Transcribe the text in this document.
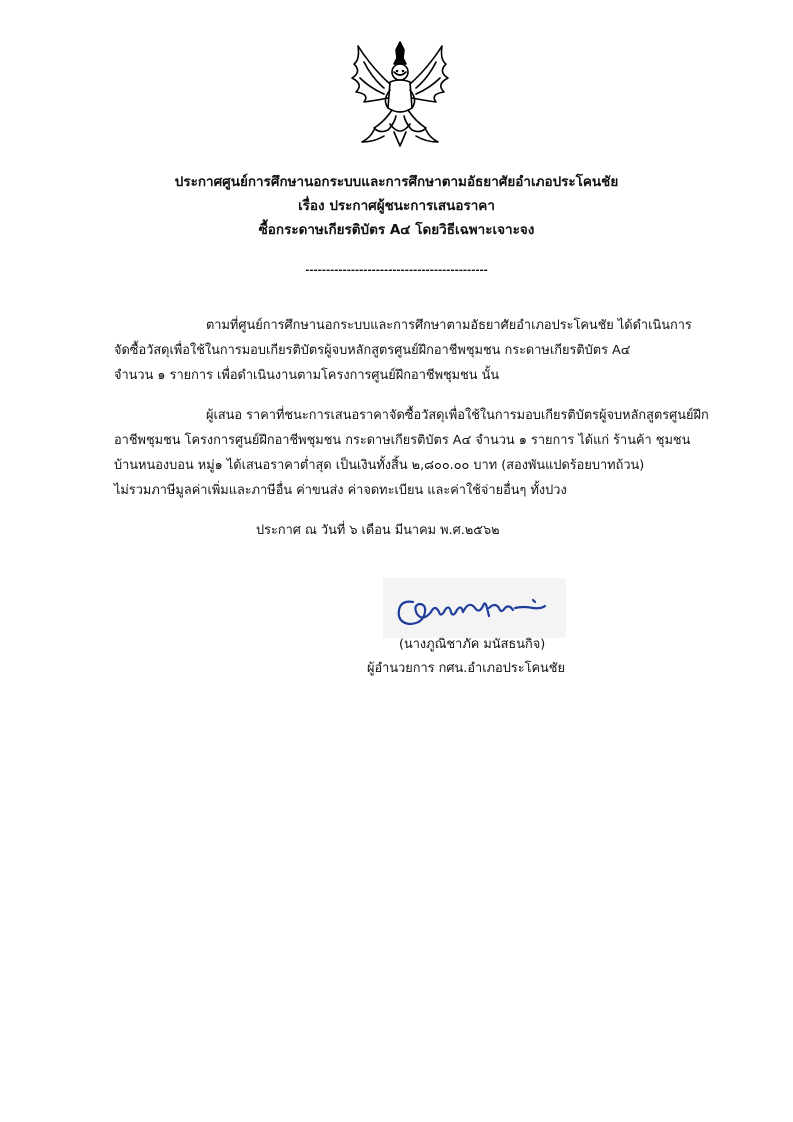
ประกาศศูนย์การศึกษานอกระบบและการศึกษาตามอัธยาศัยอำเภอประโคนชัย
เรื่อง ประกาศผู้ชนะการเสนอราคา
ซื้อกระดาษเกียรติบัตร A๔ โดยวิธีเฉพาะเจาะจง
--------------------------------------------
ตามที่ศูนย์การศึกษานอกระบบและการศึกษาตามอัธยาศัยอำเภอประโคนชัย ได้ดำเนินการ
จัดซื้อวัสดุเพื่อใช้ในการมอบเกียรติบัตรผู้จบหลักสูตรศูนย์ฝึกอาชีพชุมชน กระดาษเกียรติบัตร A๔
จำนวน ๑ รายการ เพื่อดำเนินงานตามโครงการศูนย์ฝึกอาชีพชุมชน นั้น
ผู้เสนอ ราคาที่ชนะการเสนอราคาจัดซื้อวัสดุเพื่อใช้ในการมอบเกียรติบัตรผู้จบหลักสูตรศูนย์ฝึก
อาชีพชุมชน โครงการศูนย์ฝึกอาชีพชุมชน กระดาษเกียรติบัตร A๔ จำนวน ๑ รายการ ได้แก่ ร้านค้า ชุมชน
บ้านหนองบอน หมู่๑ ได้เสนอราคาต่ำสุด เป็นเงินทั้งสิ้น ๒,๘๐๐.๐๐ บาท (สองพันแปดร้อยบาทถ้วน)
ไม่รวมภาษีมูลค่าเพิ่มและภาษีอื่น ค่าขนส่ง ค่าจดทะเบียน และค่าใช้จ่ายอื่นๆ ทั้งปวง
ประกาศ ณ วันที่ ๖ เดือน มีนาคม พ.ศ.๒๕๖๒
(นางภูณิชาภัค มนัสธนกิจ)
ผู้อำนวยการ กศน.อำเภอประโคนชัย
